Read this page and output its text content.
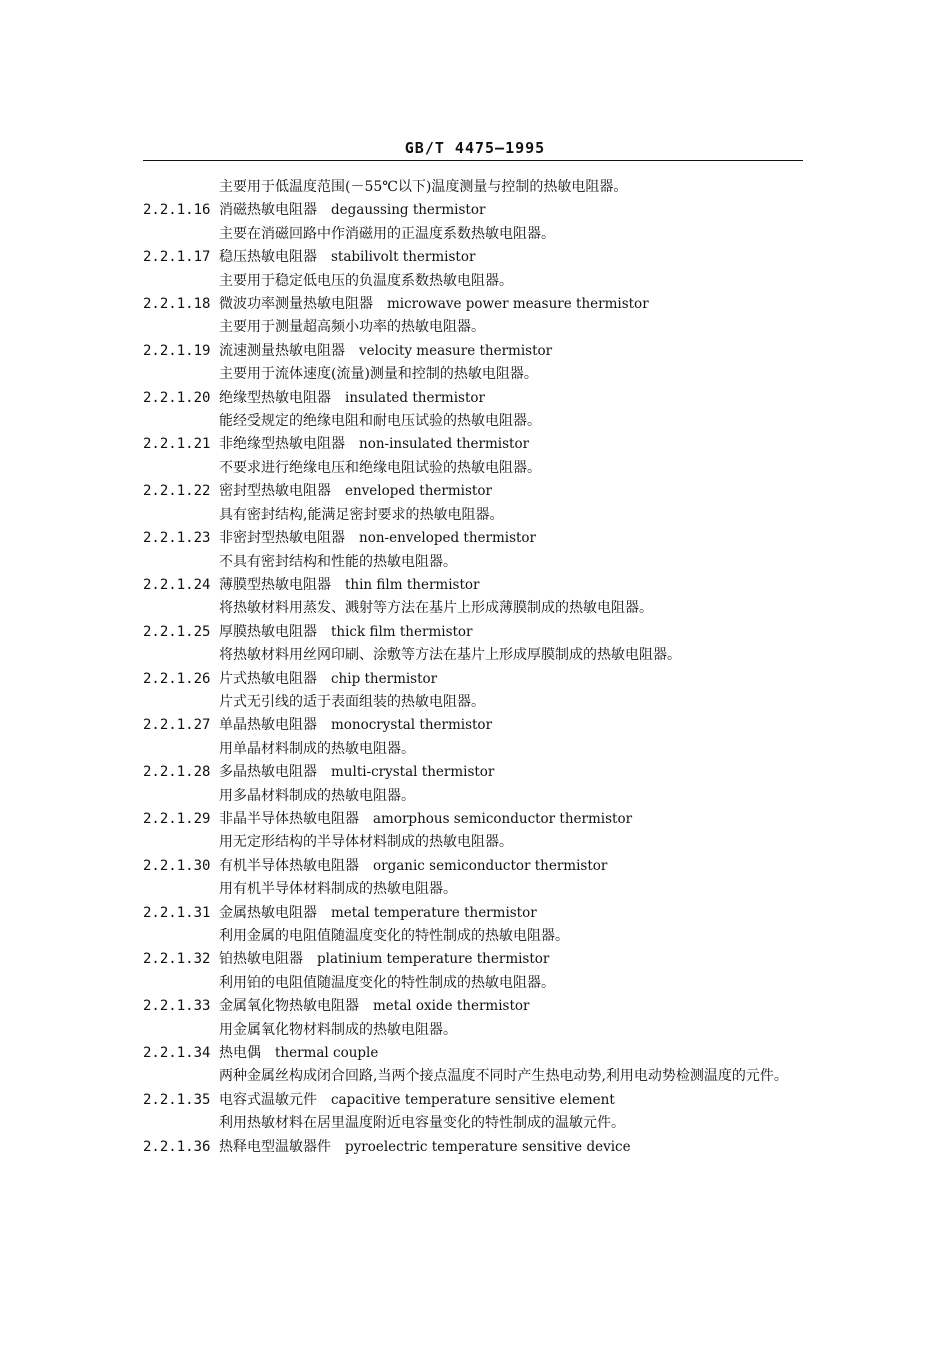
GB/T 4475—1995
主要用于低温度范围(－55℃以下)温度测量与控制的热敏电阻器。
2.2.1.16 消磁热敏电阻器 degaussing thermistor
主要在消磁回路中作消磁用的正温度系数热敏电阻器。
2.2.1.17 稳压热敏电阻器 stabilivolt thermistor
主要用于稳定低电压的负温度系数热敏电阻器。
2.2.1.18 微波功率测量热敏电阻器 microwave power measure thermistor
主要用于测量超高频小功率的热敏电阻器。
2.2.1.19 流速测量热敏电阻器 velocity measure thermistor
主要用于流体速度(流量)测量和控制的热敏电阻器。
2.2.1.20 绝缘型热敏电阻器 insulated thermistor
能经受规定的绝缘电阻和耐电压试验的热敏电阻器。
2.2.1.21 非绝缘型热敏电阻器 non-insulated thermistor
不要求进行绝缘电压和绝缘电阻试验的热敏电阻器。
2.2.1.22 密封型热敏电阻器 enveloped thermistor
具有密封结构,能满足密封要求的热敏电阻器。
2.2.1.23 非密封型热敏电阻器 non-enveloped thermistor
不具有密封结构和性能的热敏电阻器。
2.2.1.24 薄膜型热敏电阻器 thin film thermistor
将热敏材料用蒸发、溅射等方法在基片上形成薄膜制成的热敏电阻器。
2.2.1.25 厚膜热敏电阻器 thick film thermistor
将热敏材料用丝网印刷、涂敷等方法在基片上形成厚膜制成的热敏电阻器。
2.2.1.26 片式热敏电阻器 chip thermistor
片式无引线的适于表面组装的热敏电阻器。
2.2.1.27 单晶热敏电阻器 monocrystal thermistor
用单晶材料制成的热敏电阻器。
2.2.1.28 多晶热敏电阻器 multi-crystal thermistor
用多晶材料制成的热敏电阻器。
2.2.1.29 非晶半导体热敏电阻器 amorphous semiconductor thermistor
用无定形结构的半导体材料制成的热敏电阻器。
2.2.1.30 有机半导体热敏电阻器 organic semiconductor thermistor
用有机半导体材料制成的热敏电阻器。
2.2.1.31 金属热敏电阻器 metal temperature thermistor
利用金属的电阻值随温度变化的特性制成的热敏电阻器。
2.2.1.32 铂热敏电阻器 platinium temperature thermistor
利用铂的电阻值随温度变化的特性制成的热敏电阻器。
2.2.1.33 金属氧化物热敏电阻器 metal oxide thermistor
用金属氧化物材料制成的热敏电阻器。
2.2.1.34 热电偶 thermal couple
两种金属丝构成闭合回路,当两个接点温度不同时产生热电动势,利用电动势检测温度的元件。
2.2.1.35 电容式温敏元件 capacitive temperature sensitive element
利用热敏材料在居里温度附近电容量变化的特性制成的温敏元件。
2.2.1.36 热释电型温敏器件 pyroelectric temperature sensitive device
